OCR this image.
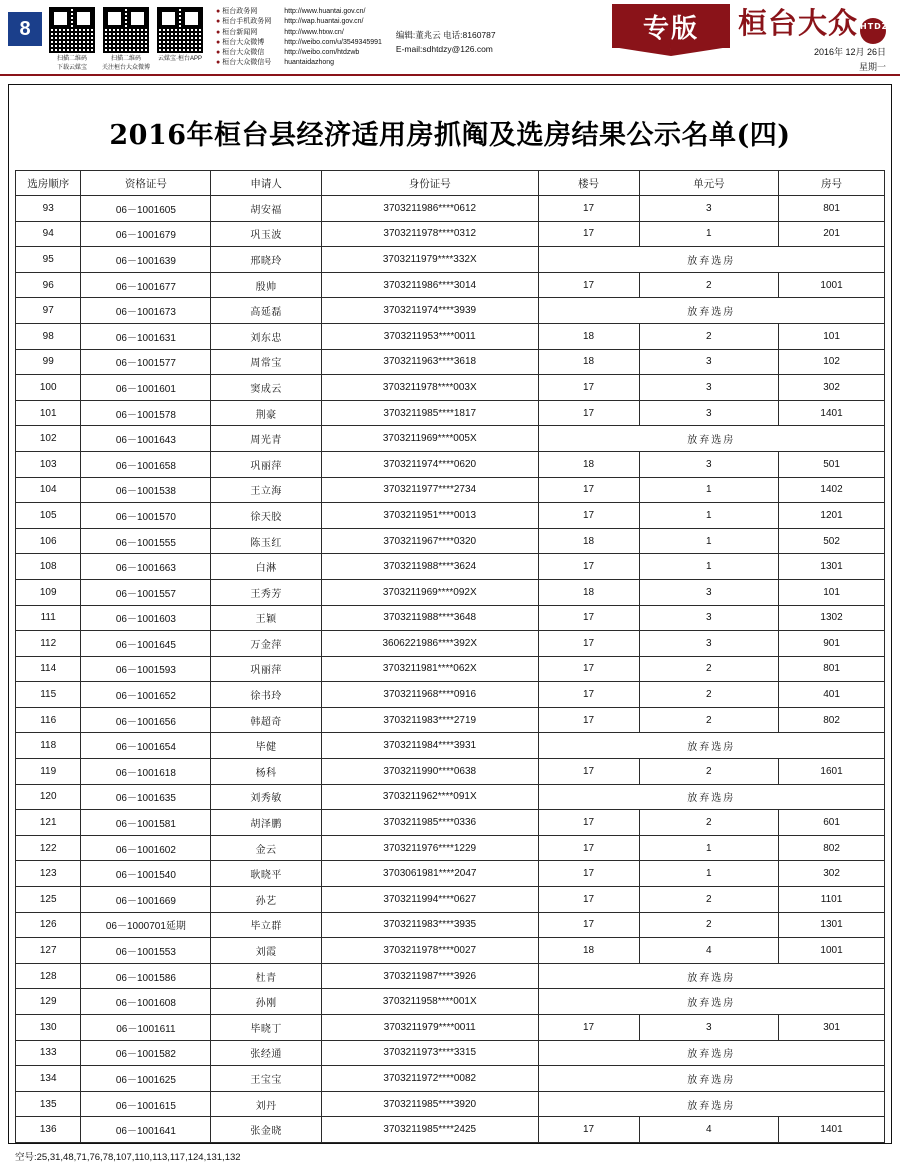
8
扫描二维码
下载云媒宝
扫描二维码
关注桓台大众微博
云媒宝·桓台APP
● 桓台政务网	http://www.huantai.gov.cn/
● 桓台手机政务网	http://wap.huantai.gov.cn/
● 桓台新闻网	http://www.htxw.cn/
● 桓台大众微博	http://weibo.com/u/3549345991
● 桓台大众微信	http://weibo.com/htdzwb
● 桓台大众微信号	huantaidazhong
编辑:董兆云 电话:8160787
E-mail:sdhtdzy@126.com
专版	桓台大众 HTDZ
2016年 12月 26日
星期一
2016年桓台县经济适用房抓阄及选房结果公示名单(四)
选房顺序	资格证号	申请人	身份证号	楼号	单元号	房号
93	06－1001605	胡安福	3703211986****0612	17	3	801
94	06－1001679	巩玉波	3703211978****0312	17	1	201
95	06－1001639	邢晓玲	3703211979****332X	放弃选房		
96	06－1001677	殷帅	3703211986****3014	17	2	1001
97	06－1001673	高延磊	3703211974****3939	放弃选房		
98	06－1001631	刘东忠	3703211953****0011	18	2	101
99	06－1001577	周常宝	3703211963****3618	18	3	102
100	06－1001601	窦成云	3703211978****003X	17	3	302
101	06－1001578	荆豪	3703211985****1817	17	3	1401
102	06－1001643	周光青	3703211969****005X	放弃选房		
103	06－1001658	巩丽萍	3703211974****0620	18	3	501
104	06－1001538	王立海	3703211977****2734	17	1	1402
105	06－1001570	徐天胶	3703211951****0013	17	1	1201
106	06－1001555	陈玉红	3703211967****0320	18	1	502
108	06－1001663	白淋	3703211988****3624	17	1	1301
109	06－1001557	王秀芳	3703211969****092X	18	3	101
111	06－1001603	王颖	3703211988****3648	17	3	1302
112	06－1001645	万金萍	3606221986****392X	17	3	901
114	06－1001593	巩丽萍	3703211981****062X	17	2	801
115	06－1001652	徐书玲	3703211968****0916	17	2	401
116	06－1001656	韩超奇	3703211983****2719	17	2	802
118	06－1001654	毕健	3703211984****3931	放弃选房		
119	06－1001618	杨科	3703211990****0638	17	2	1601
120	06－1001635	刘秀敏	3703211962****091X	放弃选房		
121	06－1001581	胡泽鹏	3703211985****0336	17	2	601
122	06－1001602	金云	3703211976****1229	17	1	802
123	06－1001540	耿晓平	3703061981****2047	17	1	302
125	06－1001669	孙艺	3703211994****0627	17	2	1101
126	06－1000701延期	毕立群	3703211983****3935	17	2	1301
127	06－1001553	刘霞	3703211978****0027	18	4	1001
128	06－1001586	杜青	3703211987****3926	放弃选房		
129	06－1001608	孙刚	3703211958****001X	放弃选房		
130	06－1001611	毕晓丁	3703211979****0011	17	3	301
133	06－1001582	张经通	3703211973****3315	放弃选房		
134	06－1001625	王宝宝	3703211972****0082	放弃选房		
135	06－1001615	刘丹	3703211985****3920	放弃选房		
136	06－1001641	张金晓	3703211985****2425	17	4	1401
空号:25,31,48,71,76,78,107,110,113,117,124,131,132
